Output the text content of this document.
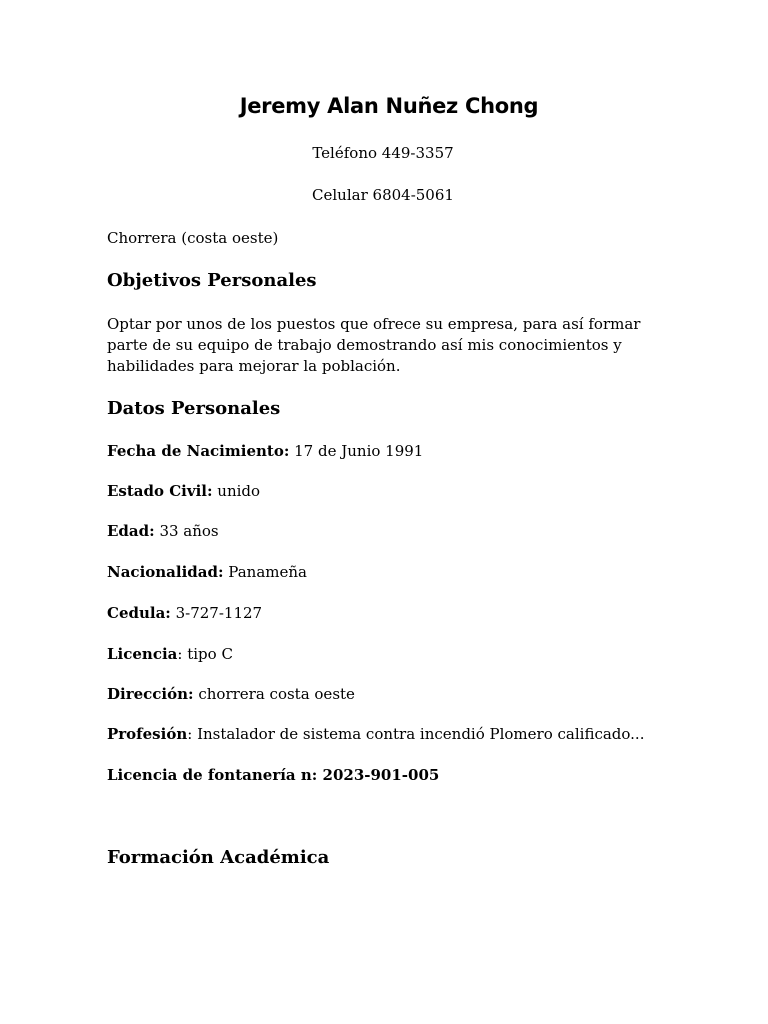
Jeremy Alan Nuñez Chong
Teléfono 449-3357
Celular 6804-5061
Chorrera (costa oeste)
Objetivos Personales
Optar por unos de los puestos que ofrece su empresa, para así formar parte de su equipo de trabajo demostrando así mis conocimientos y habilidades para mejorar la población.
Datos Personales
Fecha de Nacimiento: 17 de Junio 1991
Estado Civil: unido
Edad: 33 años
Nacionalidad: Panameña
Cedula: 3-727-1127
Licencia: tipo C
Dirección: chorrera costa oeste
Profesión: Instalador de sistema contra incendió Plomero calificado...
Licencia de fontanería n: 2023-901-005
Formación Académica
